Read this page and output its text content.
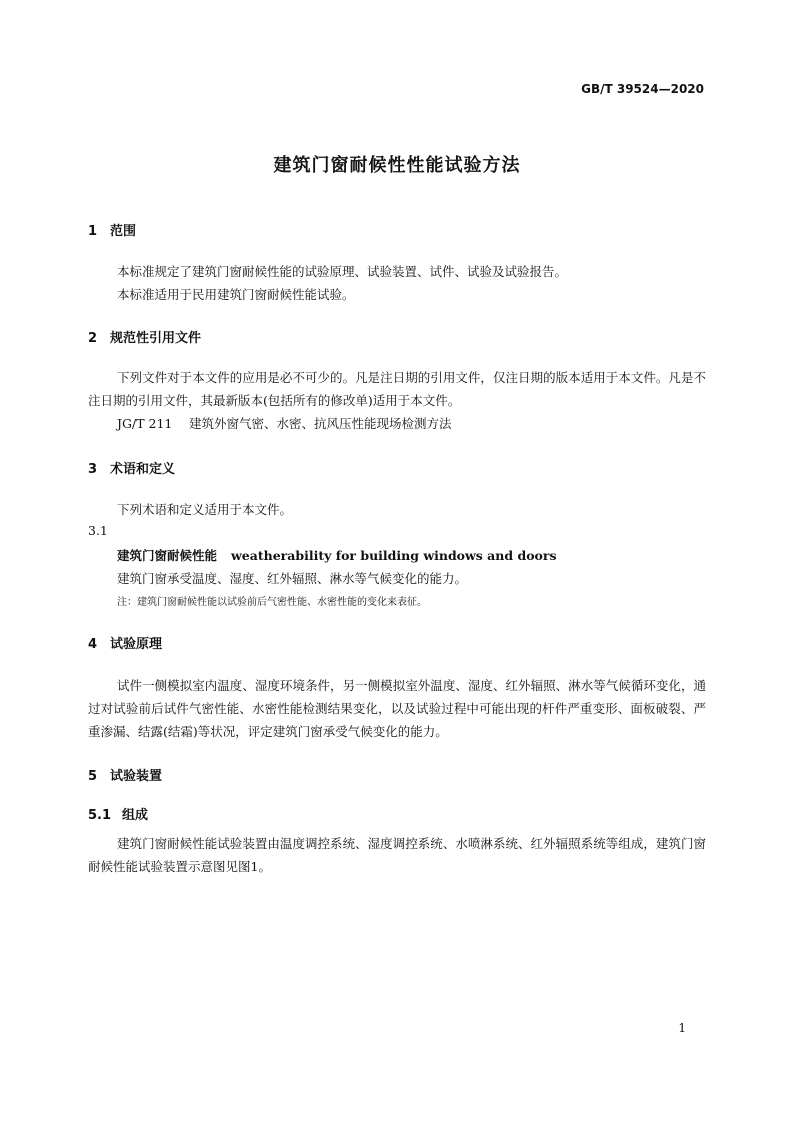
GB/T 39524—2020
建筑门窗耐候性性能试验方法
1 范围
本标准规定了建筑门窗耐候性能的试验原理、试验装置、试件、试验及试验报告。
本标准适用于民用建筑门窗耐候性能试验。
2 规范性引用文件
下列文件对于本文件的应用是必不可少的。凡是注日期的引用文件，仅注日期的版本适用于本文件。凡是不注日期的引用文件，其最新版本(包括所有的修改单)适用于本文件。
JG/T 211 建筑外窗气密、水密、抗风压性能现场检测方法
3 术语和定义
下列术语和定义适用于本文件。
3.1
建筑门窗耐候性能 weatherability for building windows and doors
建筑门窗承受温度、湿度、红外辐照、淋水等气候变化的能力。
注：建筑门窗耐候性能以试验前后气密性能、水密性能的变化来表征。
4 试验原理
试件一侧模拟室内温度、湿度环境条件，另一侧模拟室外温度、湿度、红外辐照、淋水等气候循环变化，通过对试验前后试件气密性能、水密性能检测结果变化，以及试验过程中可能出现的杆件严重变形、面板破裂、严重渗漏、结露(结霜)等状况，评定建筑门窗承受气候变化的能力。
5 试验装置
5.1 组成
建筑门窗耐候性能试验装置由温度调控系统、湿度调控系统、水喷淋系统、红外辐照系统等组成，建筑门窗耐候性能试验装置示意图见图1。
1
